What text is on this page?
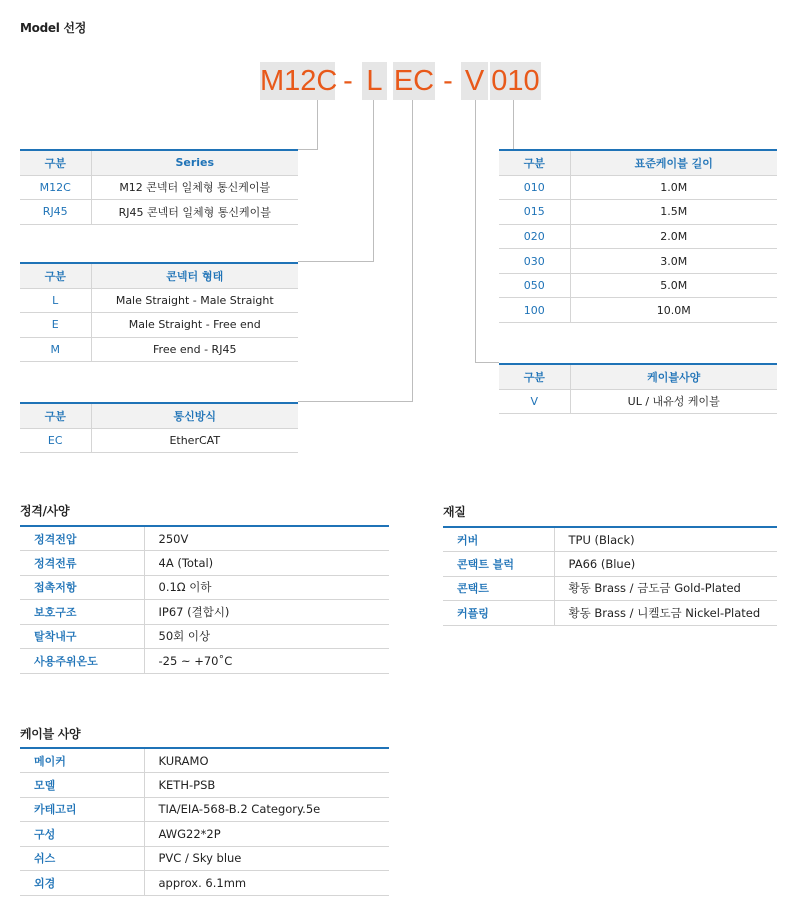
Model 선정
M12C - L EC - V 010
구분	Series
M12C	M12 콘넥터 일체형 통신케이블
RJ45	RJ45 콘넥터 일체형 통신케이블
구분	콘넥터 형태
L	Male Straight - Male Straight
E	Male Straight - Free end
M	Free end - RJ45
구분	통신방식
EC	EtherCAT
구분	표준케이블 길이
010	1.0M
015	1.5M
020	2.0M
030	3.0M
050	5.0M
100	10.0M
구분	케이블사양
V	UL / 내유성 케이블
정격/사양
정격전압	250V
정격전류	4A (Total)
접촉저항	0.1Ω 이하
보호구조	IP67 (결합시)
탈착내구	50회 이상
사용주위온도	-25 ~ +70˚C
재질
커버	TPU (Black)
콘택트 블럭	PA66 (Blue)
콘택트	황동 Brass / 금도금 Gold-Plated
커플링	황동 Brass / 니켈도금 Nickel-Plated
케이블 사양
메이커	KURAMO
모델	KETH-PSB
카테고리	TIA/EIA-568-B.2 Category.5e
구성	AWG22*2P
쉬스	PVC / Sky blue
외경	approx. 6.1mm
